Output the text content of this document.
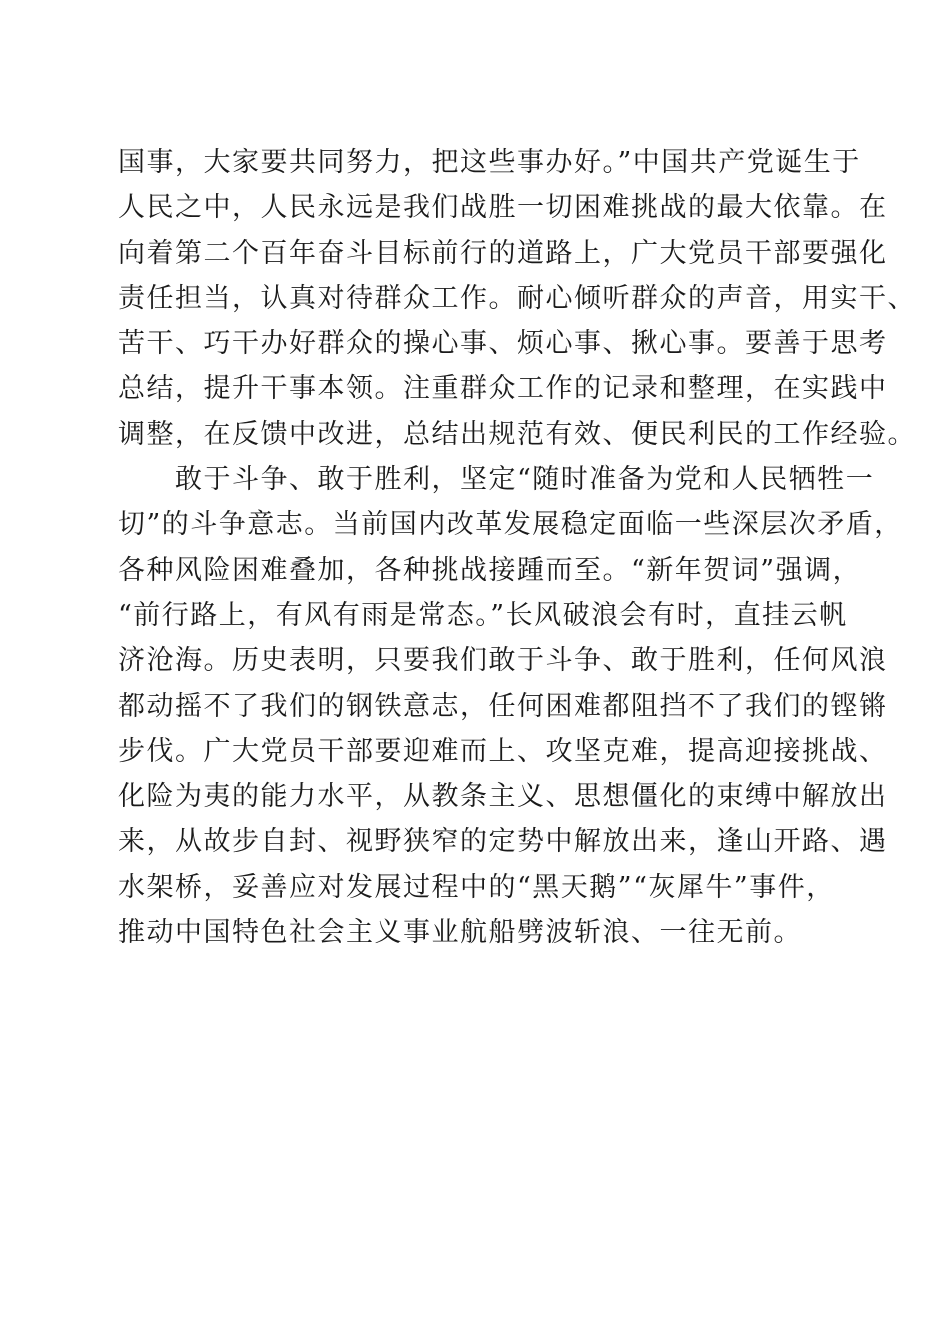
国事，大家要共同努力，把这些事办好。”中国共产党诞生于
人民之中，人民永远是我们战胜一切困难挑战的最大依靠。在
向着第二个百年奋斗目标前行的道路上，广大党员干部要强化
责任担当，认真对待群众工作。耐心倾听群众的声音，用实干、
苦干、巧干办好群众的操心事、烦心事、揪心事。要善于思考
总结，提升干事本领。注重群众工作的记录和整理，在实践中
调整，在反馈中改进，总结出规范有效、便民利民的工作经验。
　　敢于斗争、敢于胜利，坚定“随时准备为党和人民牺牲一
切”的斗争意志。当前国内改革发展稳定面临一些深层次矛盾，
各种风险困难叠加，各种挑战接踵而至。“新年贺词”强调，
“前行路上，有风有雨是常态。”长风破浪会有时，直挂云帆
济沧海。历史表明，只要我们敢于斗争、敢于胜利，任何风浪
都动摇不了我们的钢铁意志，任何困难都阻挡不了我们的铿锵
步伐。广大党员干部要迎难而上、攻坚克难，提高迎接挑战、
化险为夷的能力水平，从教条主义、思想僵化的束缚中解放出
来，从故步自封、视野狭窄的定势中解放出来，逢山开路、遇
水架桥，妥善应对发展过程中的“黑天鹅”“灰犀牛”事件，
推动中国特色社会主义事业航船劈波斩浪、一往无前。
